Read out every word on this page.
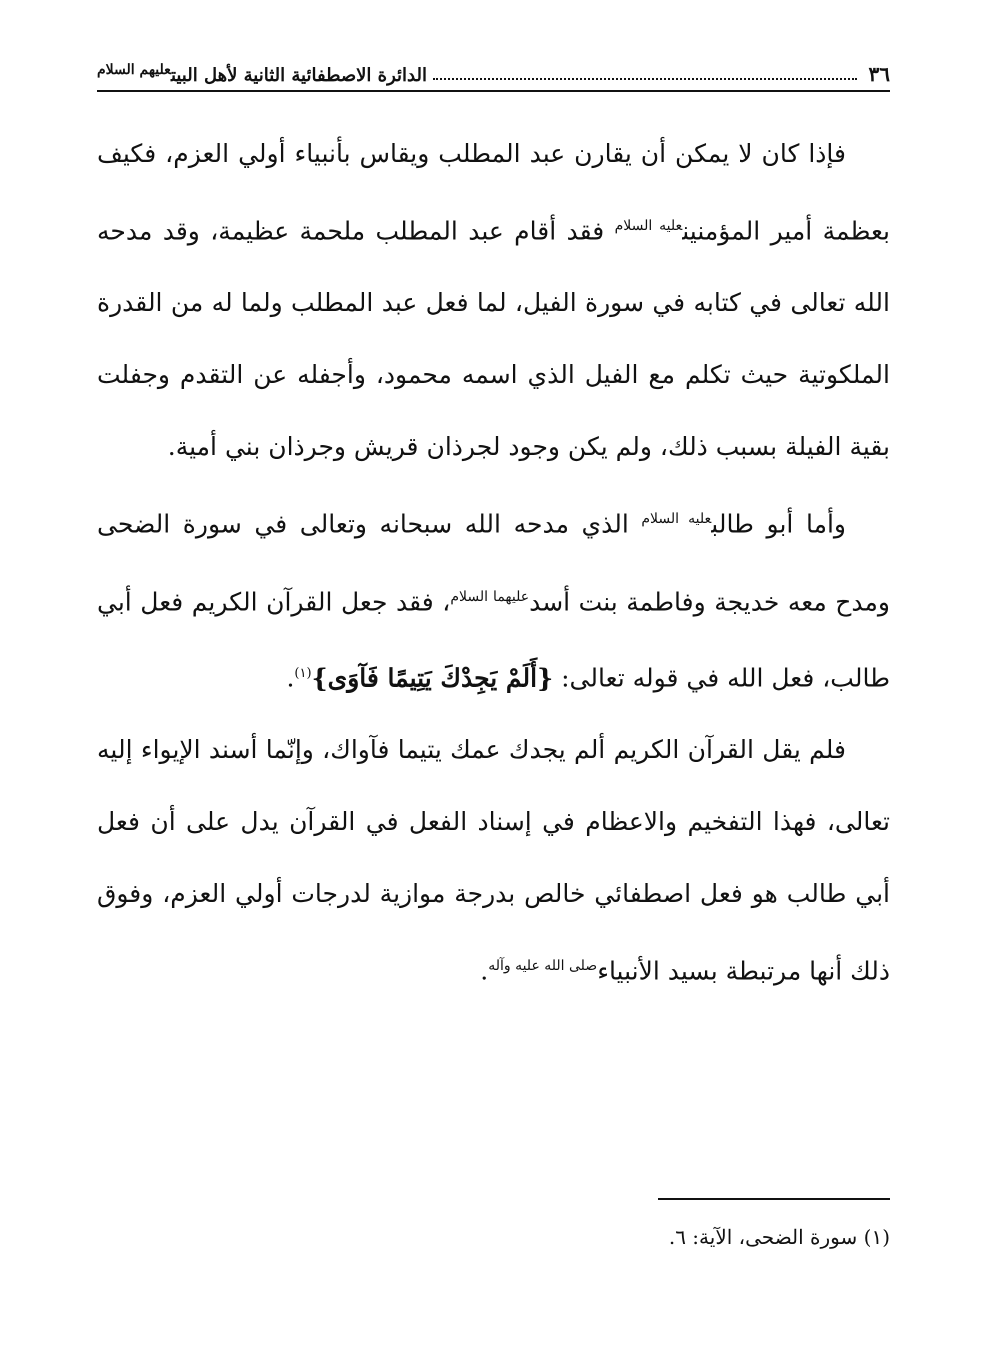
٣٦
الدائرة الاصطفائية الثانية لأهل البيت$^{عليهم السلام}$

فإذا كان لا يمكن أن يقارن عبد المطلب ويقاس بأنبياء أولي العزم، فكيف بعظمة أمير المؤمنين$^{عليه السلام}$ فقد أقام عبد المطلب ملحمة عظيمة، وقد مدحه الله تعالى في كتابه في سورة الفيل، لما فعل عبد المطلب ولما له من القدرة الملكوتية حيث تكلم مع الفيل الذي اسمه محمود، وأجفله عن التقدم وجفلت بقية الفيلة بسبب ذلك، ولم يكن وجود لجرذان قريش وجرذان بني أمية.

وأما أبو طالب$^{عليه السلام}$ الذي مدحه الله سبحانه وتعالى في سورة الضحى ومدح معه خديجة وفاطمة بنت أسد$^{عليهما السلام}$، فقد جعل القرآن الكريم فعل أبي طالب، فعل الله في قوله تعالى: {أَلَمْ يَجِدْكَ يَتِيمًا فَآوَى}$^{(١)}$.

فلم يقل القرآن الكريم ألم يجدك عمك يتيما فآواك، وإنّما أسند الإيواء إليه تعالى، فهذا التفخيم والاعظام في إسناد الفعل في القرآن يدل على أن فعل أبي طالب هو فعل اصطفائي خالص بدرجة موازية لدرجات أولي العزم، وفوق ذلك أنها مرتبطة بسيد الأنبياء$^{صلى الله عليه وآله}$.

(١) سورة الضحى، الآية: ٦.
